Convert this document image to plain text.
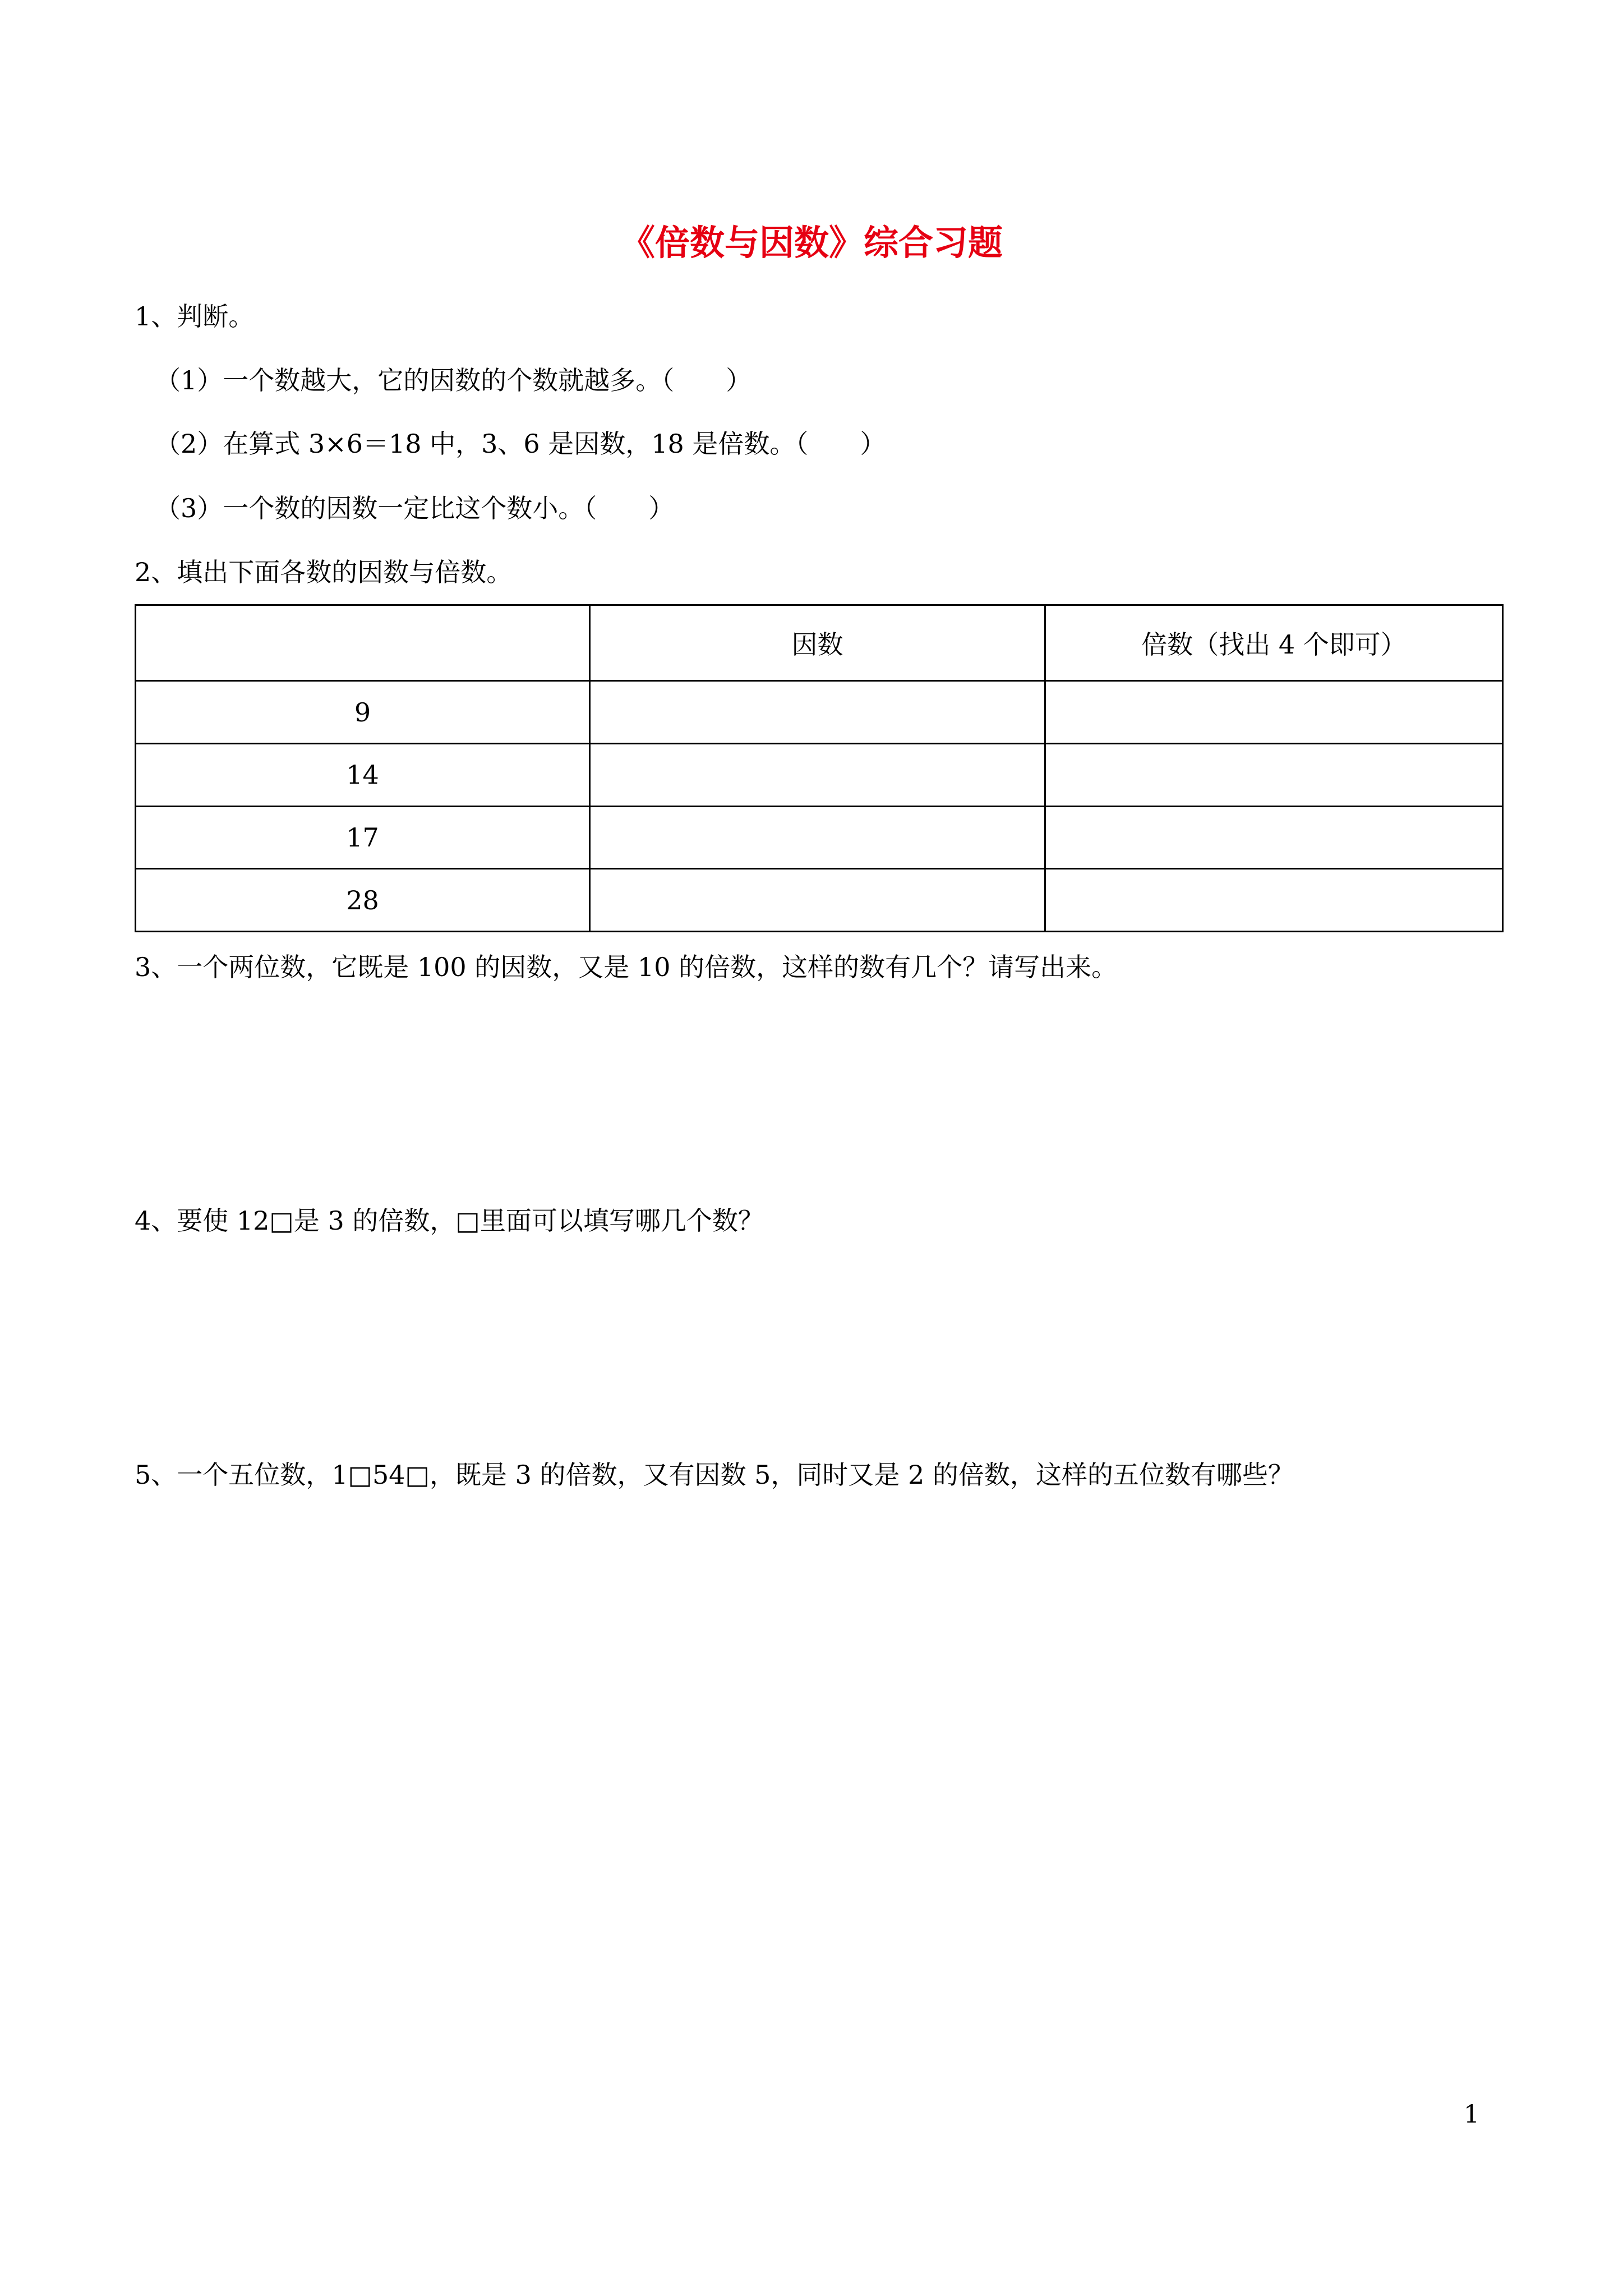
《倍数与因数》综合习题
1、判断。
（1）一个数越大，它的因数的个数就越多。（　　）
（2）在算式 3×6＝18 中，3、6 是因数，18 是倍数。（　　）
（3）一个数的因数一定比这个数小。（　　）
2、填出下面各数的因数与倍数。
	因数	倍数（找出 4 个即可）
9		
14		
17		
28		
3、一个两位数，它既是 100 的因数，又是 10 的倍数，这样的数有几个？请写出来。
4、要使 12□是 3 的倍数，□里面可以填写哪几个数？
5、一个五位数，1□54□，既是 3 的倍数，又有因数 5，同时又是 2 的倍数，这样的五位数有哪些？
1
